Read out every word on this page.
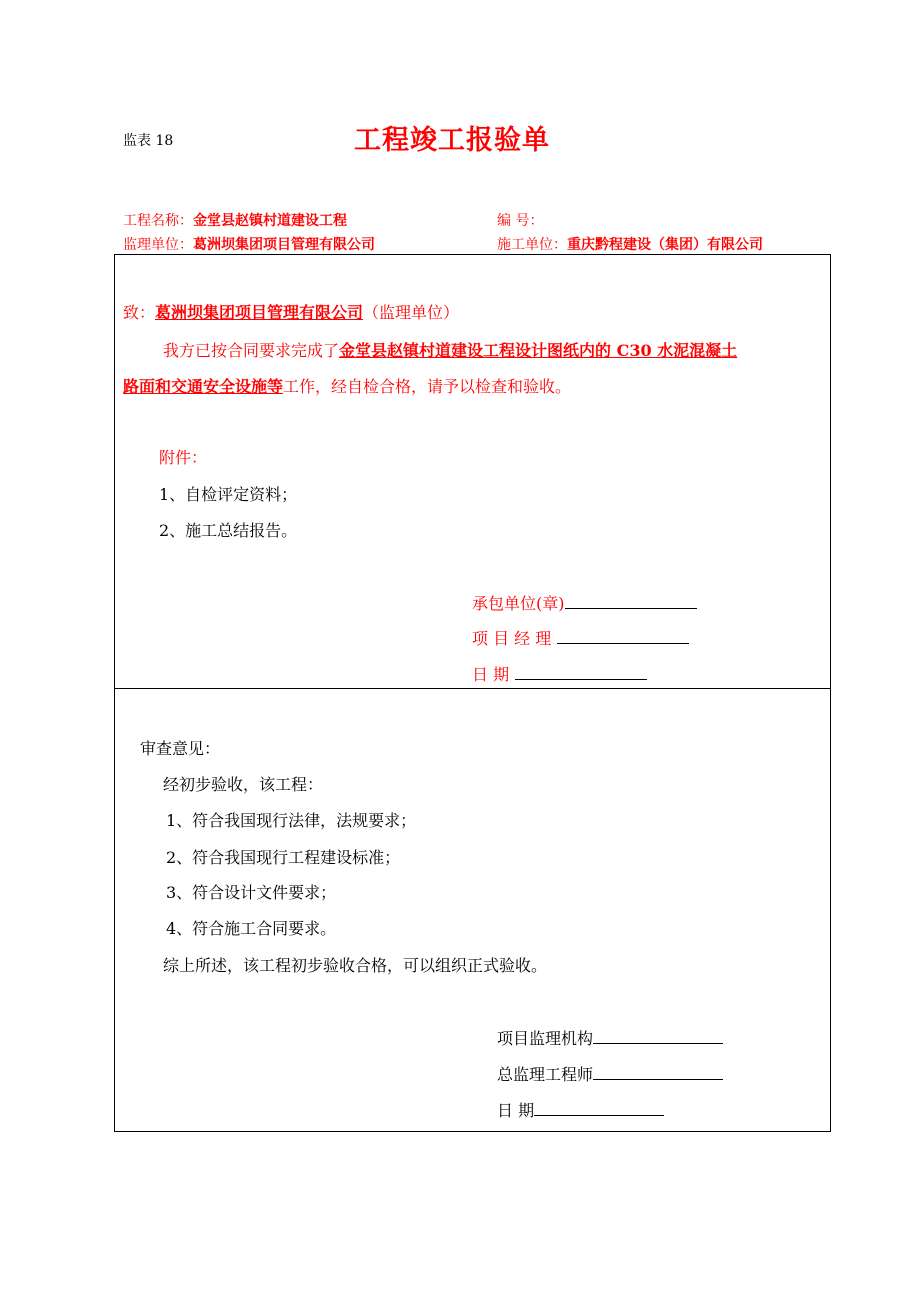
监表 18	工程竣工报验单
工程名称：金堂县赵镇村道建设工程	编 号：
监理单位：葛洲坝集团项目管理有限公司	施工单位：重庆黔程建设（集团）有限公司
致：葛洲坝集团项目管理有限公司（监理单位）
我方已按合同要求完成了金堂县赵镇村道建设工程设计图纸内的 C30 水泥混凝土
路面和交通安全设施等工作，经自检合格，请予以检查和验收。
附件：
1、自检评定资料；
2、施工总结报告。
承包单位(章)
项 目 经 理
日 期
审查意见：
经初步验收，该工程：
1、符合我国现行法律，法规要求；
2、符合我国现行工程建设标准；
3、符合设计文件要求；
4、符合施工合同要求。
综上所述，该工程初步验收合格，可以组织正式验收。
项目监理机构
总监理工程师
日 期
